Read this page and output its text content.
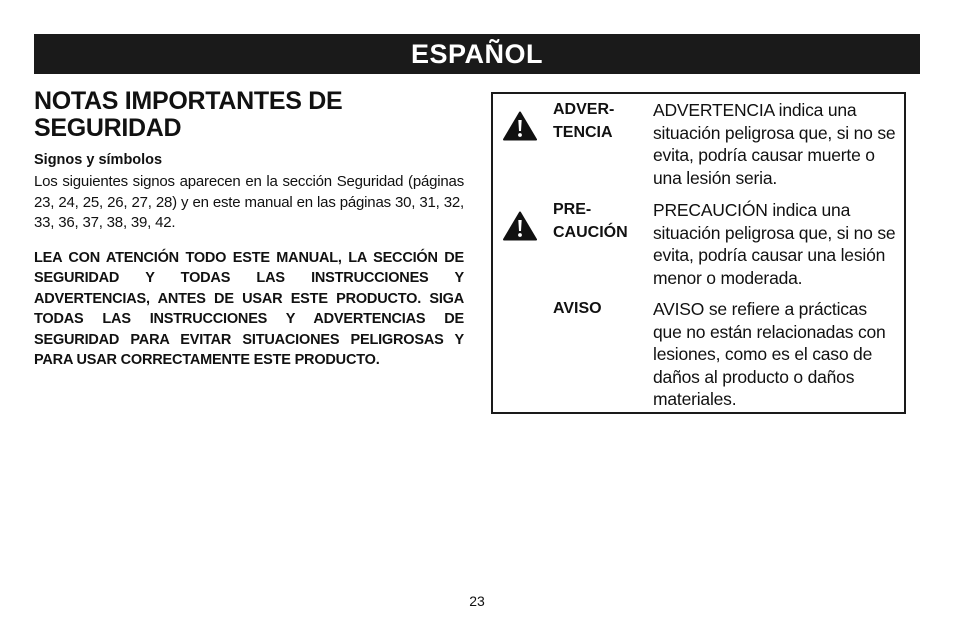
ESPAÑOL
NOTAS IMPORTANTES DE SEGURIDAD

Signos y símbolos

Los siguientes signos aparecen en la sección Seguridad (páginas 23, 24, 25, 26, 27, 28) y en este manual en las páginas 30, 31, 32, 33, 36, 37, 38, 39, 42.

LEA CON ATENCIÓN TODO ESTE MANUAL, LA SECCIÓN DE SEGURIDAD Y TODAS LAS INSTRUCCIONES Y ADVERTENCIAS, ANTES DE USAR ESTE PRODUCTO. SIGA TODAS LAS INSTRUCCIONES Y ADVERTENCIAS DE SEGURIDAD PARA EVITAR SITUACIONES PELIGROSAS Y PARA USAR CORRECTAMENTE ESTE PRODUCTO.

ADVER-
TENCIA
ADVERTENCIA indica una situación peligrosa que, si no se evita, podría causar muerte o una lesión seria.
PRE-
CAUCIÓN
PRECAUCIÓN indica una situación peligrosa que, si no se evita, podría causar una lesión menor o moderada.
AVISO	AVISO se refiere a prácticas que no están relacionadas con lesiones, como es el caso de daños al producto o daños materiales.
23
